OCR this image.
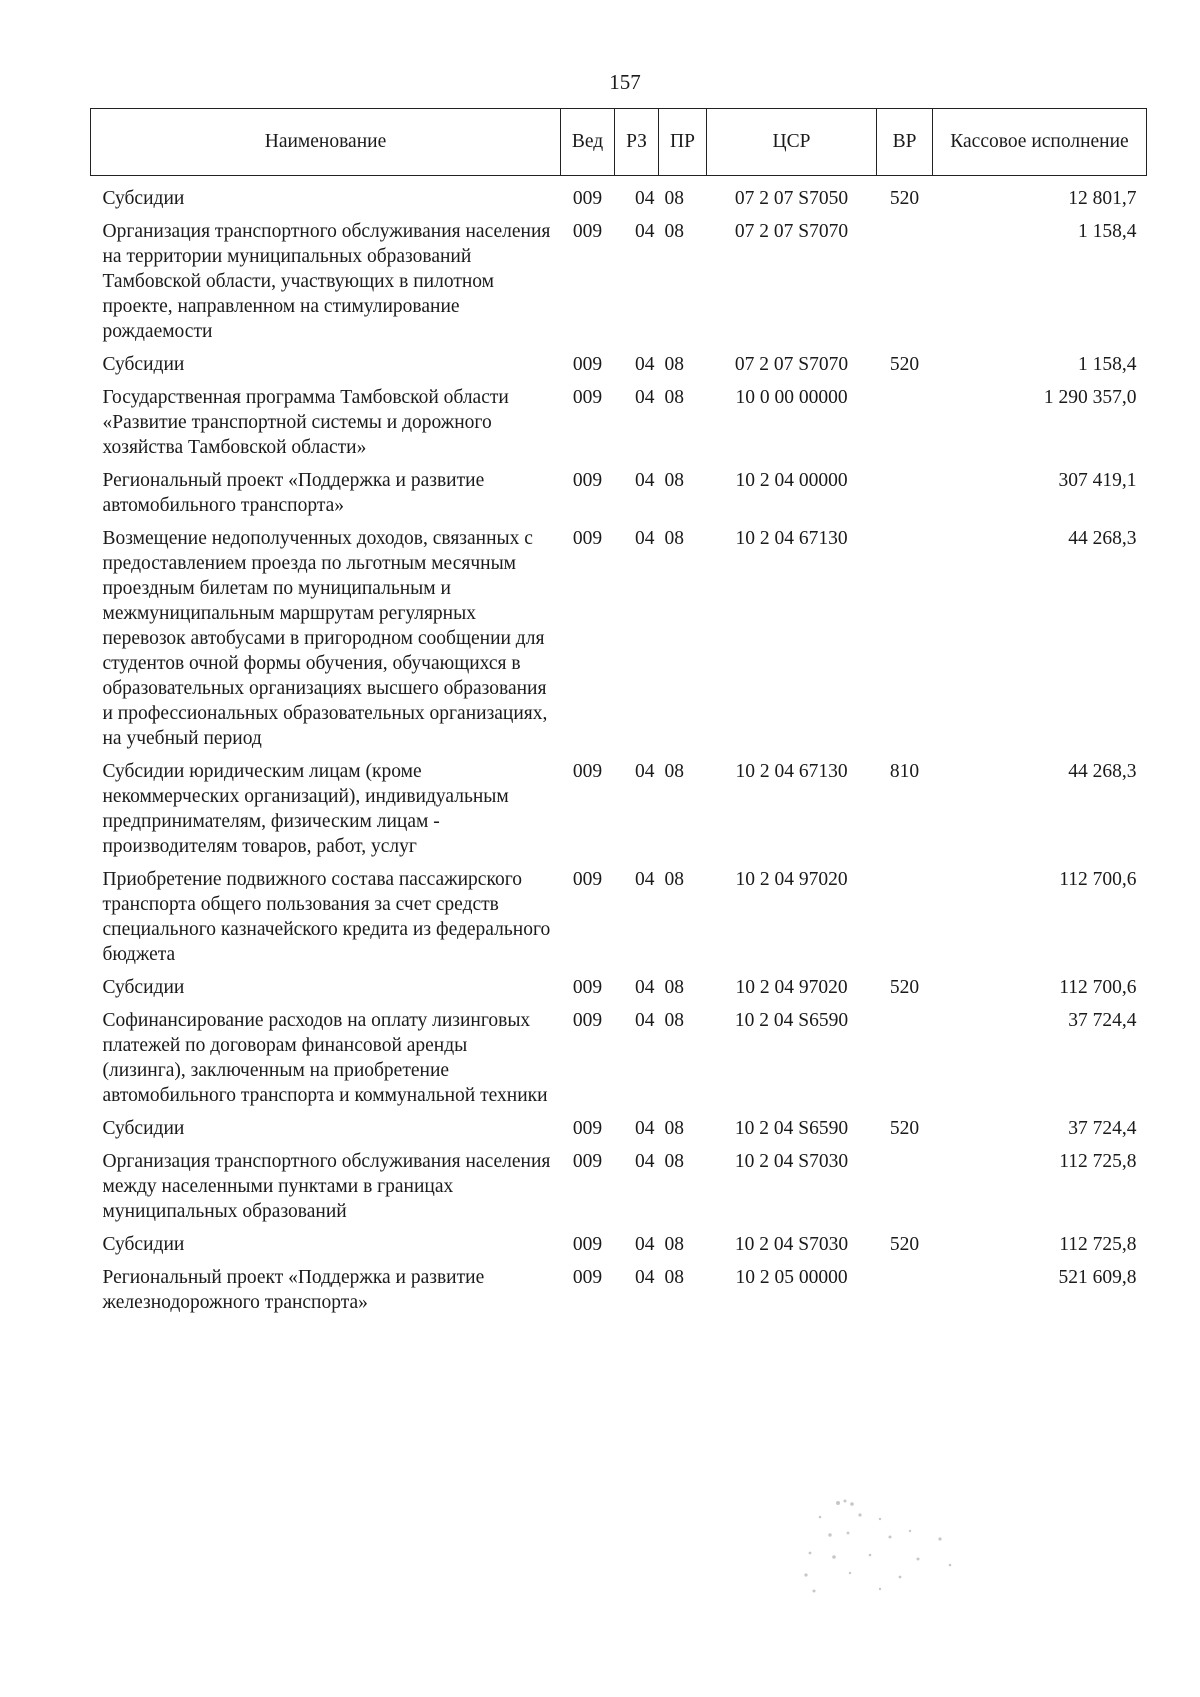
157
Наименование	Вед	РЗ	ПР	ЦСР	ВР	Кассовое исполнение
Субсидии	009	04	08	07 2 07 S7050	520	12 801,7
Организация транспортного обслуживания населения на территории муниципальных образований Тамбовской области, участвующих в пилотном проекте, направленном на стимулирование рождаемости	009	04	08	07 2 07 S7070		1 158,4
Субсидии	009	04	08	07 2 07 S7070	520	1 158,4
Государственная программа Тамбовской области «Развитие транспортной системы и дорожного хозяйства Тамбовской области»	009	04	08	10 0 00 00000		1 290 357,0
Региональный проект «Поддержка и развитие автомобильного транспорта»	009	04	08	10 2 04 00000		307 419,1
Возмещение недополученных доходов, связанных с предоставлением проезда по льготным месячным проездным билетам по муниципальным и межмуниципальным маршрутам регулярных перевозок автобусами в пригородном сообщении для студентов очной формы обучения, обучающихся в образовательных организациях высшего образования и профессиональных образовательных организациях, на учебный период	009	04	08	10 2 04 67130		44 268,3
Субсидии юридическим лицам (кроме некоммерческих организаций), индивидуальным предпринимателям, физическим лицам - производителям товаров, работ, услуг	009	04	08	10 2 04 67130	810	44 268,3
Приобретение подвижного состава пассажирского транспорта общего пользования за счет средств специального казначейского кредита из федерального бюджета	009	04	08	10 2 04 97020		112 700,6
Субсидии	009	04	08	10 2 04 97020	520	112 700,6
Софинансирование расходов на оплату лизинговых платежей по договорам финансовой аренды (лизинга), заключенным на приобретение автомобильного транспорта и коммунальной техники	009	04	08	10 2 04 S6590		37 724,4
Субсидии	009	04	08	10 2 04 S6590	520	37 724,4
Организация транспортного обслуживания населения между населенными пунктами в границах муниципальных образований	009	04	08	10 2 04 S7030		112 725,8
Субсидии	009	04	08	10 2 04 S7030	520	112 725,8
Региональный проект «Поддержка и развитие железнодорожного транспорта»	009	04	08	10 2 05 00000		521 609,8
